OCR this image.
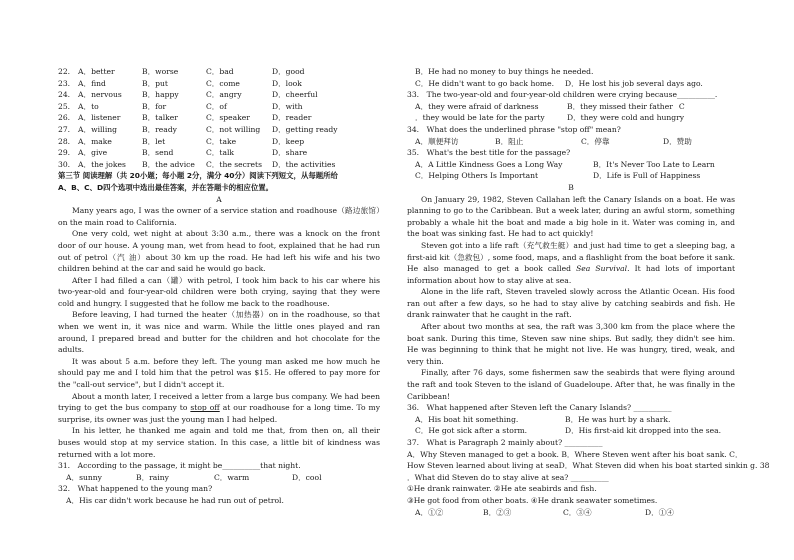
22.	A．better	B．worse	C．bad	D．good
23.	A．find	B．put	C．come	D．look
24.	A．nervous	B．happy	C．angry	D．cheerful
25.	A．to	B．for	C．of	D．with
26.	A．listener	B．talker	C．speaker	D．reader
27.	A．willing	B．ready	C．not willing	D．getting ready
28.	A．make	B．let	C．take	D．keep
29.	A．give	B．send	C．talk	D．share
30.	A．the jokes	B．the advice	C．the secrets	D．the activities
第三节 阅读理解（共 20小题；每小题 2分，满分 40分）阅读下列短文，从每题所给
A、B、C、D四个选项中选出最佳答案，并在答题卡的相应位置。
A

Many years ago, I was the owner of a service station and roadhouse（路边旅馆）on the main road to California.

One very cold, wet night at about 3:30 a.m., there was a knock on the front door of our house. A young man, wet from head to foot, explained that he had run out of petrol（汽 油）about 30 km up the road. He had left his wife and his two children behind at the car and said he would go back.

After I had filled a can（罐）with petrol, I took him back to his car where his two-year-old and four-year-old children were both crying, saying that they were cold and hungry. I suggested that he follow me back to the roadhouse.

Before leaving, I had turned the heater（加热器）on in the roadhouse, so that when we went in, it was nice and warm. While the little ones played and ran around, I prepared bread and butter for the children and hot chocolate for the adults.

It was about 5 a.m. before they left. The young man asked me how much he should pay me and I told him that the petrol was $15. He offered to pay more for the "call-out service", but I didn't accept it.

About a month later, I received a letter from a large bus company. We had been trying to get the bus company to stop off at our roadhouse for a long time. To my surprise, its owner was just the young man I had helped.

In his letter, he thanked me again and told me that, from then on, all their buses would stop at my service station. In this case, a little bit of kindness was returned with a lot more.

31.　According to the passage, it might be__________that night.
A．sunny	B．rainy	C．warm	D．cool
32.　What happened to the young man?
A．His car didn't work because he had run out of petrol.
B．He had no money to buy things he needed.
C．He didn't want to go back home.	D．He lost his job several days ago.
33.　The two-year-old and four-year-old children were crying because__________.
A．they were afraid of darkness	B．they missed their father C
．they would be late for the party	D．they were cold and hungry
34.　What does the underlined phrase "stop off" mean?
A．顺便拜访	B．阻止	C．停靠	D．赞助
35.　What's the best title for the passage?
A．A Little Kindness Goes a Long Way	B．It's Never Too Late to Learn
C．Helping Others Is Important	D．Life is Full of Happiness
B

On January 29, 1982, Steven Callahan left the Canary Islands on a boat. He was planning to go to the Caribbean. But a week later, during an awful storm, something probably a whale hit the boat and made a big hole in it. Water was coming in, and the boat was sinking fast. He had to act quickly!

Steven got into a life raft（充气救生艇）and just had time to get a sleeping bag, a first-aid kit（急救包）, some food, maps, and a flashlight from the boat before it sank. He also managed to get a book called Sea Survival. It had lots of important information about how to stay alive at sea.

Alone in the life raft, Steven traveled slowly across the Atlantic Ocean. His food ran out after a few days, so he had to stay alive by catching seabirds and fish. He drank rainwater that he caught in the raft.

After about two months at sea, the raft was 3,300 km from the place where the boat sank. During this time, Steven saw nine ships. But sadly, they didn't see him. He was beginning to think that he might not live. He was hungry, tired, weak, and very thin.

Finally, after 76 days, some fishermen saw the seabirds that were flying around the raft and took Steven to the island of Guadeloupe. After that, he was finally in the Caribbean!

36.　What happened after Steven left the Canary Islands? __________
A．His boat hit something.	B．He was hurt by a shark.
C．He got sick after a storm.	D．His first-aid kit dropped into the sea.
37.　What is Paragraph 2 mainly about? __________
A．Why Steven managed to get a book. B．Where Steven went after his boat sank. C．
How Steven learned about living at seaD．What Steven did when his boat started sinkin g. 38
．What did Steven do to stay alive at sea? __________
①He drank rainwater. ②He ate seabirds and fish.
③He got food from other boats. ④He drank seawater sometimes.
A．①②	B．②③	C．③④	D．①④
